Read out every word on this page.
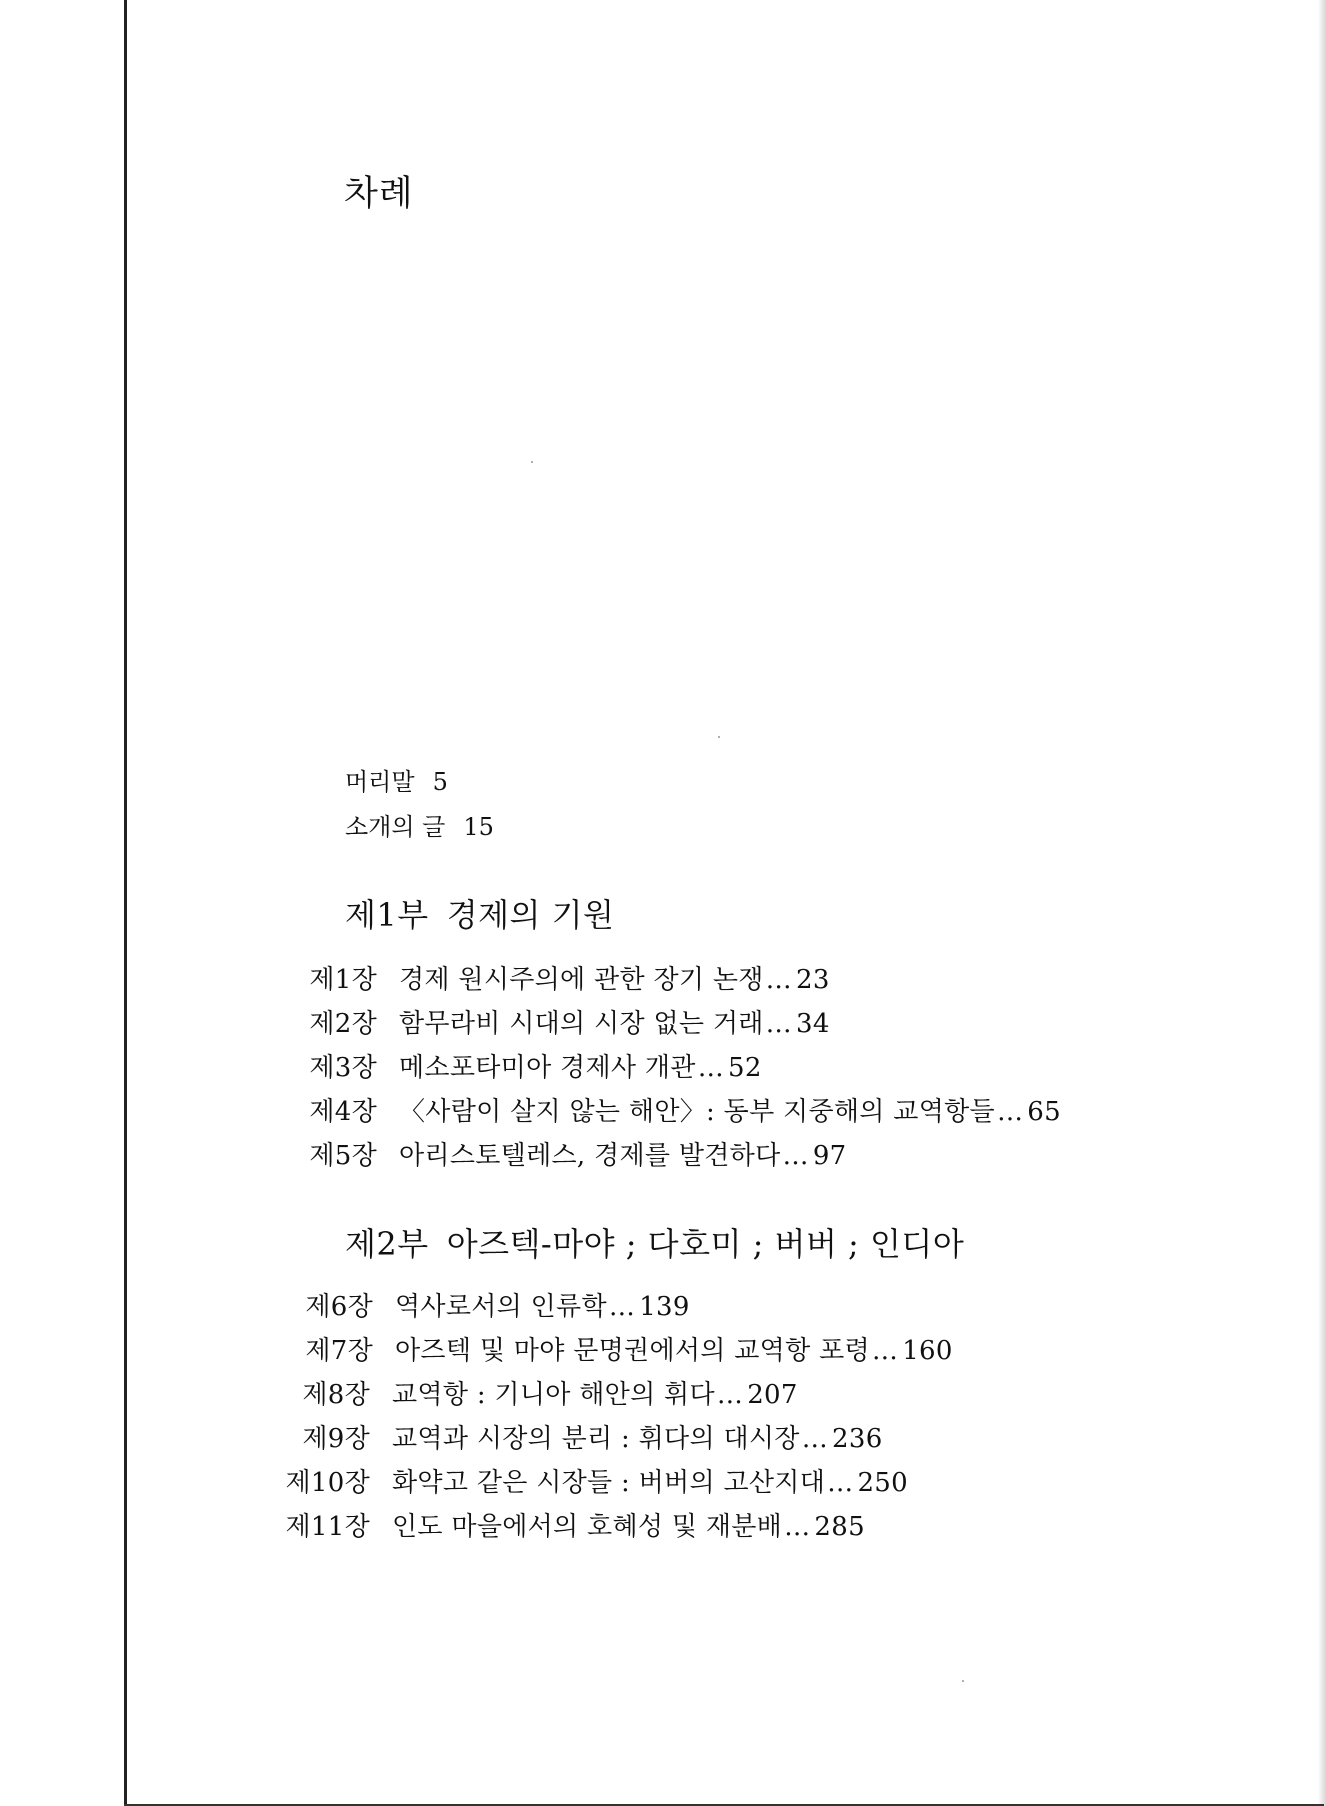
차례
머리말 5
소개의 글 15
제1부 경제의 기원
제1장 경제 원시주의에 관한 장기 논쟁… 23
제2장 함무라비 시대의 시장 없는 거래… 34
제3장 메소포타미아 경제사 개관… 52
제4장 〈사람이 살지 않는 해안〉: 동부 지중해의 교역항들… 65
제5장 아리스토텔레스, 경제를 발견하다… 97
제2부 아즈텍-마야 ; 다호미 ; 버버 ; 인디아
제6장 역사로서의 인류학… 139
제7장 아즈텍 및 마야 문명권에서의 교역항 포령… 160
제8장 교역항 : 기니아 해안의 휘다… 207
제9장 교역과 시장의 분리 : 휘다의 대시장… 236
제10장 화약고 같은 시장들 : 버버의 고산지대… 250
제11장 인도 마을에서의 호혜성 및 재분배… 285
